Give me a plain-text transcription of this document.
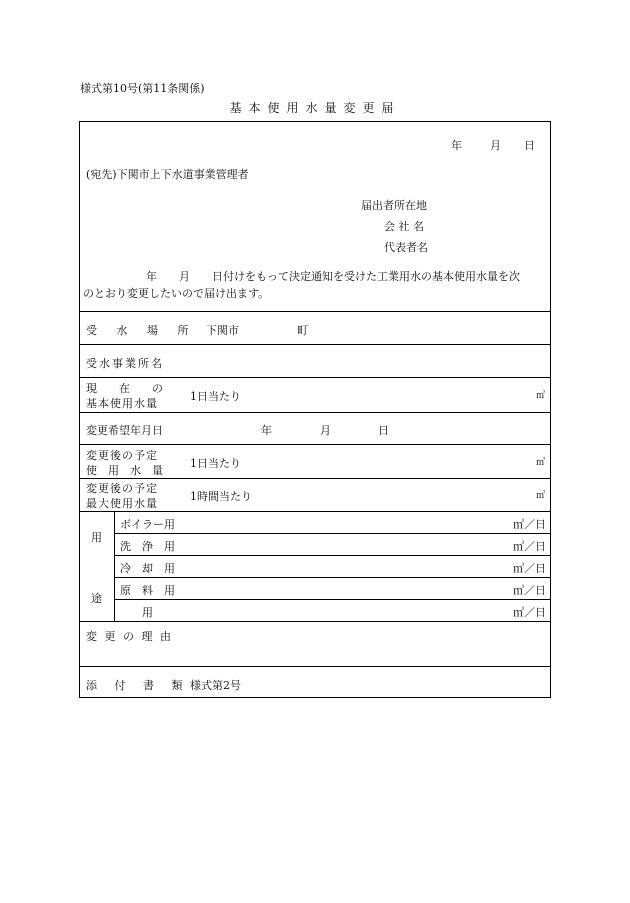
様式第10号(第11条関係)
基本使用水量変更届
年	月 日
(宛先)下関市上下水道事業管理者
届出者所在地
会 社 名
代表者名
年 月 日付けをもって決定通知を受けた工業用水の基本使用水量を次
のとおり変更したいので届け出ます。
受 水 場 所 下関市	町
受水事業所名
現　　在　　の
基本使用水量
1日当たり	㎥
変更希望年月日	年	月	日
変更後の予定
使　用　水　量
1日当たり	㎥
変更後の予定
最大使用水量
1時間当たり	㎥
用
途
ボイラー用	㎥／日
洗　浄　用	㎥／日
冷　却　用	㎥／日
原　料　用	㎥／日
用	㎥／日
変 更 の 理 由
添 付 書 類 様式第2号
